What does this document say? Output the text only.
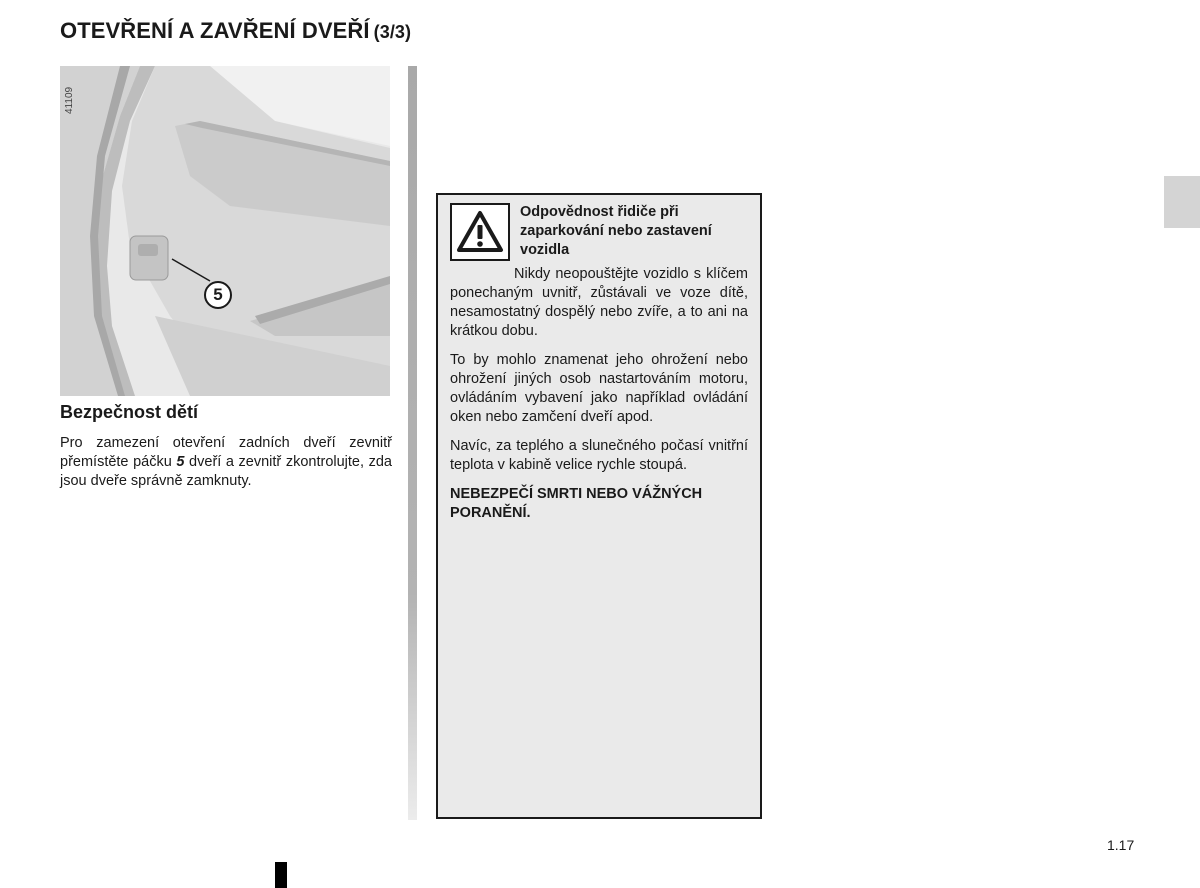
OTEVŘENÍ A ZAVŘENÍ DVEŘÍ (3/3)
41109
5
Bezpečnost dětí
Pro zamezení otevření zadních dveří zevnitř přemístěte páčku 5 dveří a zevnitř zkontrolujte, zda jsou dveře správně zamknuty.
Odpovědnost řidiče při zaparkování nebo zastavení vozidla

Nikdy neopouštějte vozidlo s klíčem ponechaným uvnitř, zůstávali ve voze dítě, nesamostatný dospělý nebo zvíře, a to ani na krátkou dobu.

To by mohlo znamenat jeho ohrožení nebo ohrožení jiných osob nastartováním motoru, ovládáním vybavení jako například ovládání oken nebo zamčení dveří apod.

Navíc, za teplého a slunečného počasí vnitřní teplota v kabině velice rychle stoupá.

NEBEZPEČÍ SMRTI NEBO VÁŽNÝCH PORANĚNÍ.
1.17
